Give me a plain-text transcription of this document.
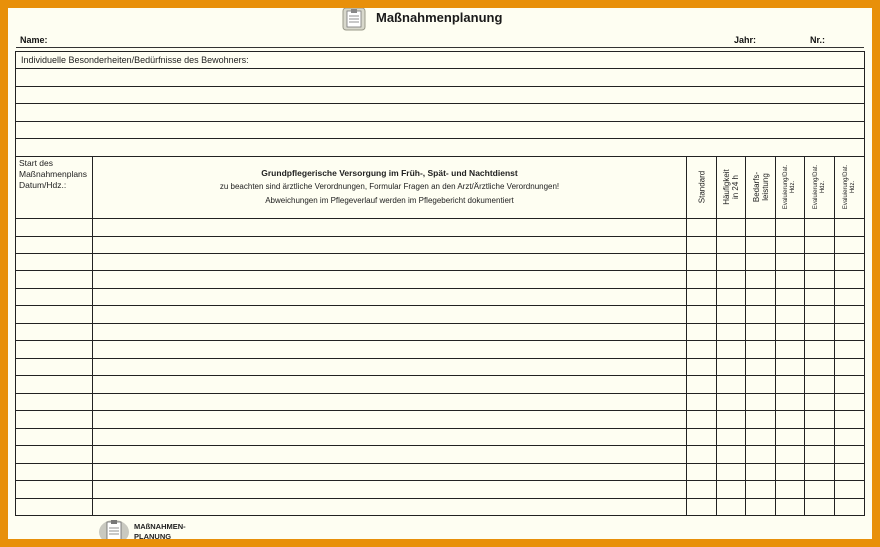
Maßnahmenplanung
Name:	Jahr:	Nr.:
Individuelle Besonderheiten/Bedürfnisse des Bewohners:							

Start des Maßnahmenplans Datum/Hdz.:	Grundpflegerische Versorgung im Früh-, Spät- und Nachtdienst
zu beachten sind ärztliche Verordnungen, Formular Fragen an den Arzt/Ärztliche Verordnungen!
Abweichungen im Pflegeverlauf werden im Pflegebericht dokumentiert	Standard	Häufigkeit in 24 h	Bedarfs- leistung	Evaluierung/Dat. Hdz.	Evaluierung/Dat. Hdz.	Evaluierung/Dat. Hdz.

MAßNAHMEN- PLANUNG
